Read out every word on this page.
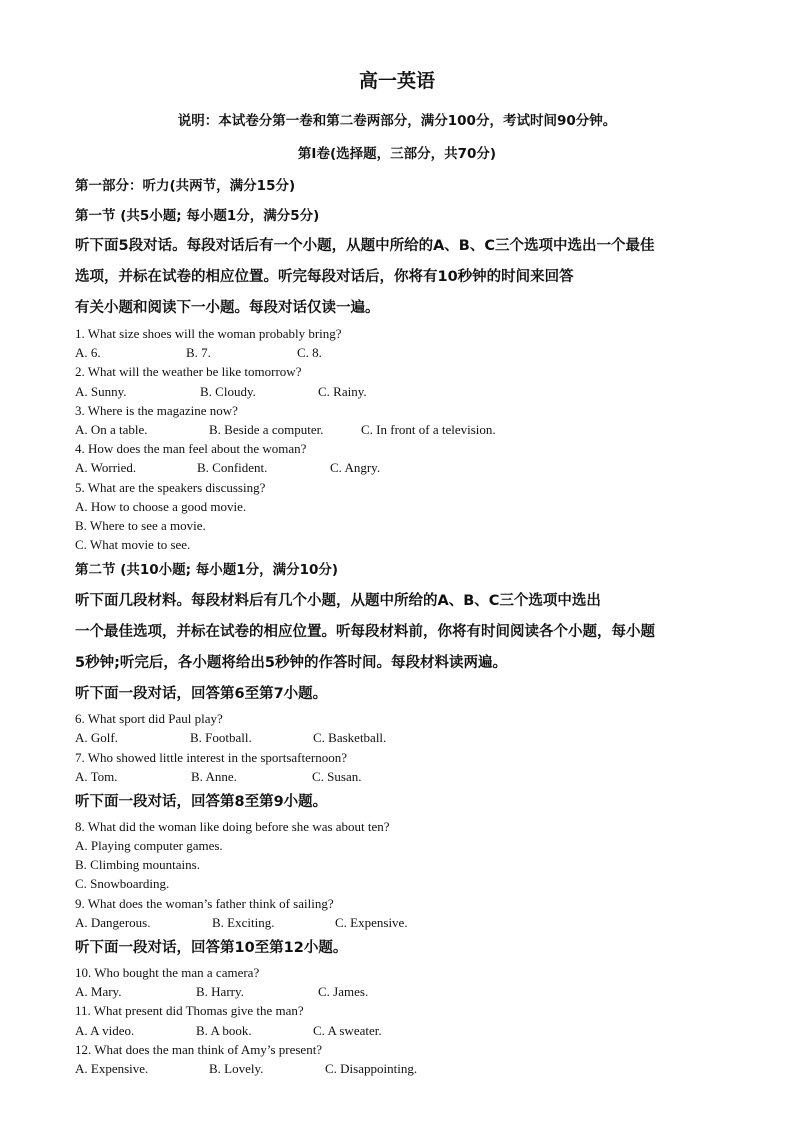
高一英语
说明：本试卷分第一卷和第二卷两部分，满分100分，考试时间90分钟。
第Ⅰ卷(选择题，三部分，共70分)
第一部分：听力(共两节，满分15分)
第一节 (共5小题; 每小题1分，满分5分)
听下面5段对话。每段对话后有一个小题，从题中所给的A、B、C三个选项中选出一个最佳
选项，并标在试卷的相应位置。听完每段对话后，你将有10秒钟的时间来回答
有关小题和阅读下一小题。每段对话仅读一遍。
1. What size shoes will the woman probably bring?
A. 6.	B. 7.	C. 8.
2. What will the weather be like tomorrow?
A. Sunny.	B. Cloudy.	C. Rainy.
3. Where is the magazine now?
A. On a table.	B. Beside a computer.	C. In front of a television.
4. How does the man feel about the woman?
A. Worried.	B. Confident.	C. Angry.
5. What are the speakers discussing?
A. How to choose a good movie.
B. Where to see a movie.
C. What movie to see.
第二节 (共10小题; 每小题1分，满分10分)
听下面几段材料。每段材料后有几个小题，从题中所给的A、B、C三个选项中选出
一个最佳选项，并标在试卷的相应位置。听每段材料前，你将有时间阅读各个小题，每小题
5秒钟;听完后，各小题将给出5秒钟的作答时间。每段材料读两遍。
听下面一段对话，回答第6至第7小题。
6. What sport did Paul play?
A. Golf.	B. Football.	C. Basketball.
7. Who showed little interest in the sportsafternoon?
A. Tom.	B. Anne.	C. Susan.
听下面一段对话，回答第8至第9小题。
8. What did the woman like doing before she was about ten?
A. Playing computer games.
B. Climbing mountains.
C. Snowboarding.
9. What does the woman’s father think of sailing?
A. Dangerous.	B. Exciting.	C. Expensive.
听下面一段对话，回答第10至第12小题。
10. Who bought the man a camera?
A. Mary.	B. Harry.	C. James.
11. What present did Thomas give the man?
A. A video.	B. A book.	C. A sweater.
12. What does the man think of Amy’s present?
A. Expensive.	B. Lovely.	C. Disappointing.
